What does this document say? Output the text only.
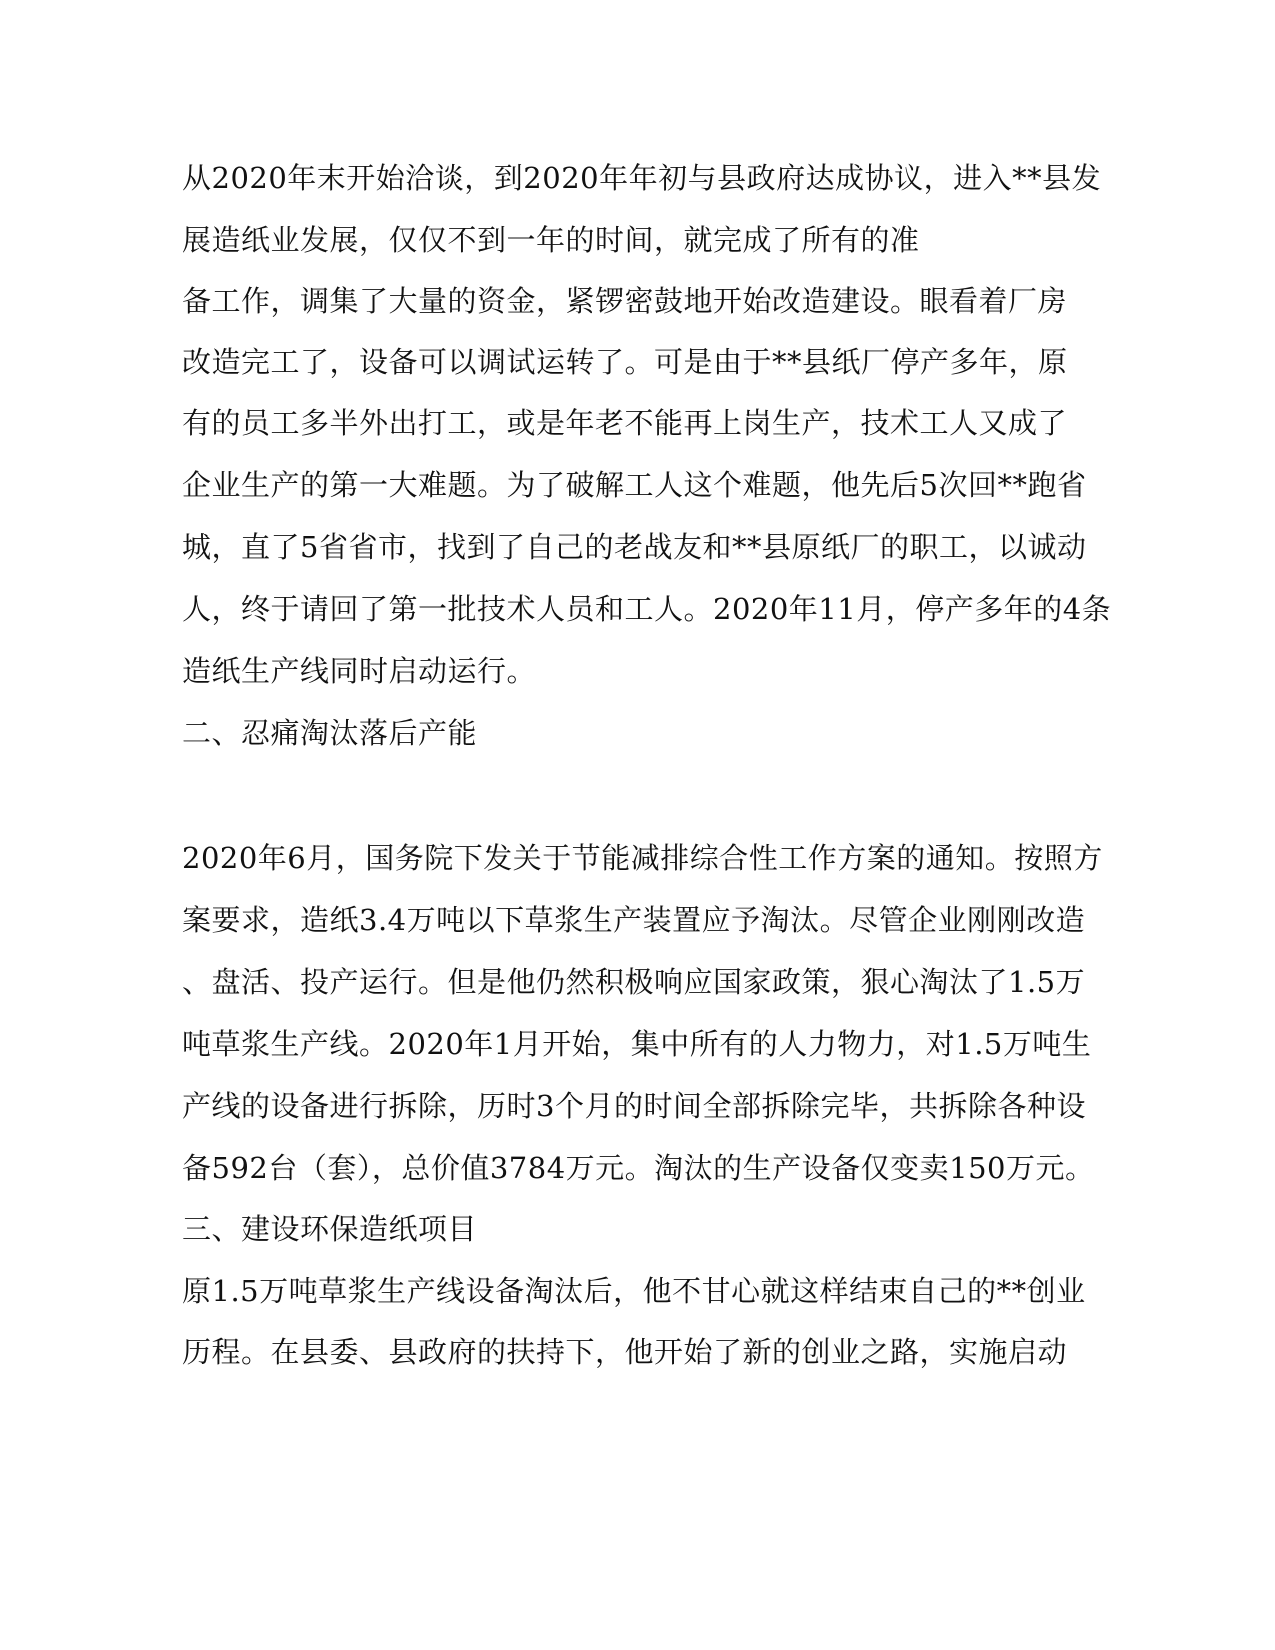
从2020年末开始洽谈，到2020年年初与县政府达成协议，进入**县发
展造纸业发展，仅仅不到一年的时间，就完成了所有的准
备工作，调集了大量的资金，紧锣密鼓地开始改造建设。眼看着厂房
改造完工了，设备可以调试运转了。可是由于**县纸厂停产多年，原
有的员工多半外出打工，或是年老不能再上岗生产，技术工人又成了
企业生产的第一大难题。为了破解工人这个难题，他先后5次回**跑省
城，直了5省省市，找到了自己的老战友和**县原纸厂的职工，以诚动
人，终于请回了第一批技术人员和工人。2020年11月，停产多年的4条
造纸生产线同时启动运行。
二、忍痛淘汰落后产能
2020年6月，国务院下发关于节能减排综合性工作方案的通知。按照方
案要求，造纸3.4万吨以下草浆生产装置应予淘汰。尽管企业刚刚改造
、盘活、投产运行。但是他仍然积极响应国家政策，狠心淘汰了1.5万
吨草浆生产线。2020年1月开始，集中所有的人力物力，对1.5万吨生
产线的设备进行拆除，历时3个月的时间全部拆除完毕，共拆除各种设
备592台（套），总价值3784万元。淘汰的生产设备仅变卖150万元。
三、建设环保造纸项目
原1.5万吨草浆生产线设备淘汰后，他不甘心就这样结束自己的**创业
历程。在县委、县政府的扶持下，他开始了新的创业之路，实施启动
